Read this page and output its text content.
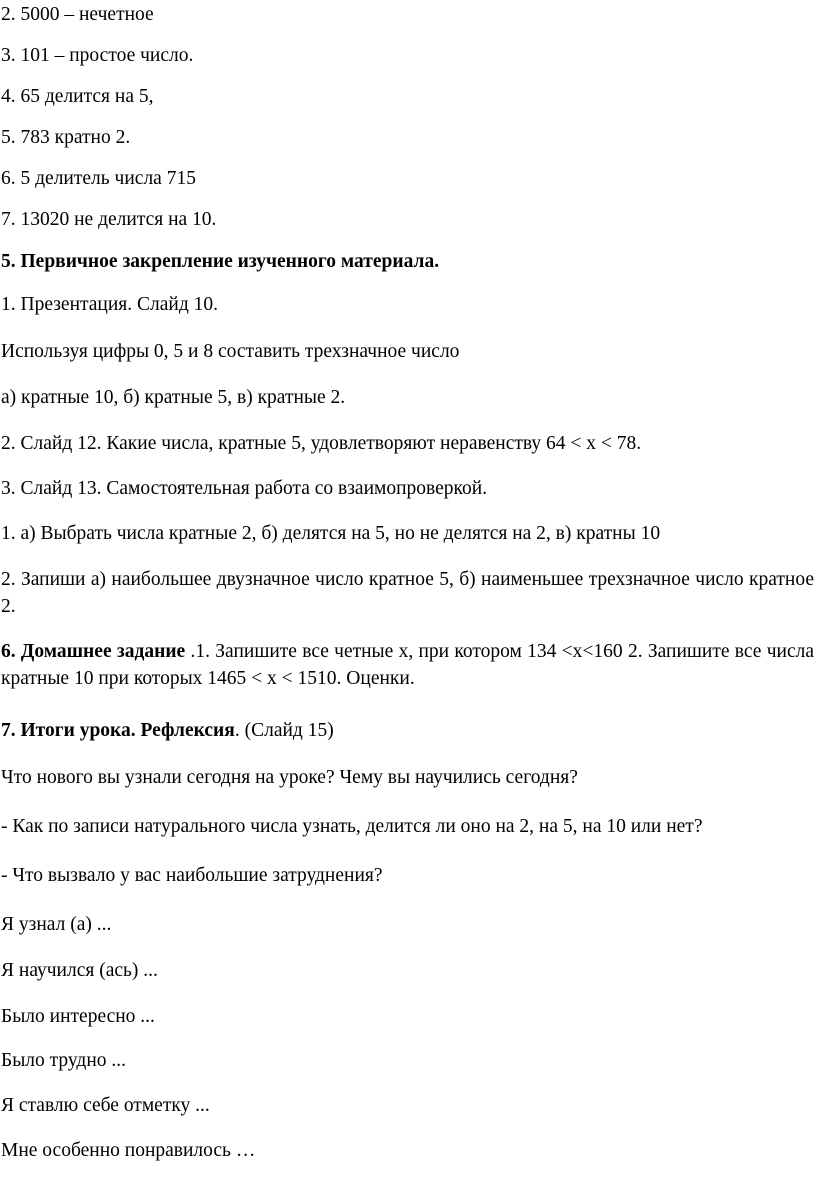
2. 5000 – нечетное
3. 101 – простое число.
4. 65 делится на 5,
5. 783 кратно 2.
6. 5 делитель числа 715
7. 13020 не делится на 10.
5. Первичное закрепление изученного материала.
1. Презентация. Слайд 10.
Используя цифры 0, 5 и 8 составить трехзначное число
а) кратные 10, б) кратные 5, в) кратные 2.
2. Слайд 12. Какие числа, кратные 5, удовлетворяют неравенству 64 < x < 78.
3. Слайд 13. Самостоятельная работа со взаимопроверкой.
1. а) Выбрать числа кратные 2, б) делятся на 5, но не делятся на 2, в) кратны 10
2. Запиши а) наибольшее двузначное число кратное 5, б) наименьшее трехзначное число кратное 2.
6. Домашнее задание .1. Запишите все четные х, при котором 134 <х<160 2. Запишите все числа кратные 10 при которых 1465 < x < 1510. Оценки.
7. Итоги урока. Рефлексия. (Слайд 15)
Что нового вы узнали сегодня на уроке? Чему вы научились сегодня?
- Как по записи натурального числа узнать, делится ли оно на 2, на 5, на 10 или нет?
- Что вызвало у вас наибольшие затруднения?
Я узнал (а) ...
Я научился (ась) ...
Было интересно ...
Было трудно ...
Я ставлю себе отметку ...
Мне особенно понравилось …
